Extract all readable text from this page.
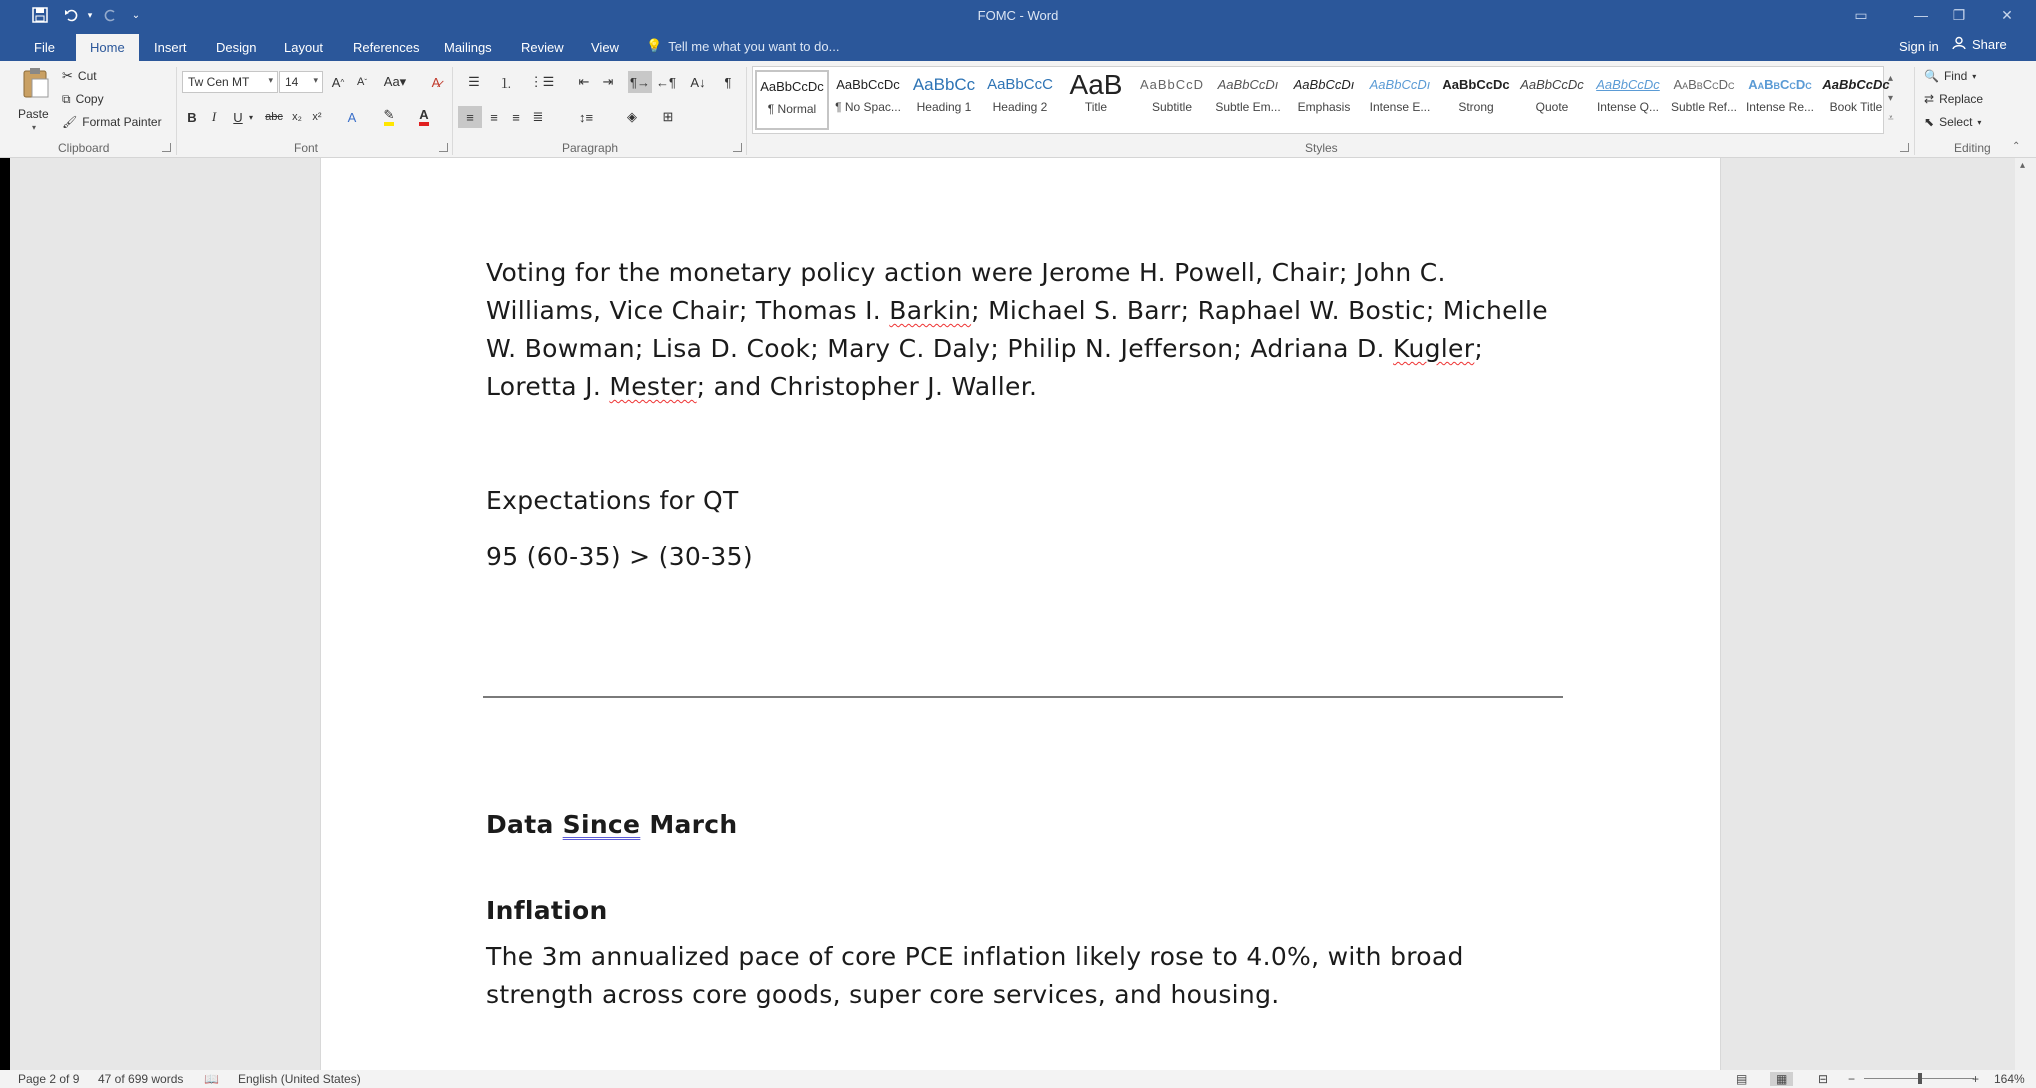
▾	⌄	FOMC - Word	▭	—	❐	✕
File	Home	Insert	Design	Layout	References	Mailings	Review	View	💡 Tell me what you want to do...	Sign in	Share
Paste
▾
✂ Cut
⧉ Copy
🖌 Format Painter
Clipboard
Tw Cen MT ▾	14 ▾	A ^	A ˇ Aa▾	A̷
B	I	U ▾	abc x₂ x²	A	✎ A
Font
☰	⒈	⋮☰	⇤	⇥	¶→ ←¶	A↓	¶
≡	≡	≡ ≣	↕≡	◈	⊞
Paragraph
AaBbCcDc
¶ Normal
AaBbCcDc
¶ No Spac...
AaBbCc
Heading 1
AaBbCcC
Heading 2
AaB
Title
AaBbCcD
Subtitle
AaBbCcDı
Subtle Em...
AaBbCcDı
Emphasis
AaBbCcDı
Intense E...
AaBbCcDc
Strong
AaBbCcDc
Quote
AaBbCcDc
Intense Q...
AaBbCcDc
Subtle Ref...
AaBbCcDc
Intense Re...
AaBbCcDc
Book Title
▴
▾
⩡
Styles
🔍 Find ▾
⇄ Replace
⬉ Select ▾
Editing ⌃

Voting for the monetary policy action were Jerome H. Powell, Chair; John C.

Williams, Vice Chair; Thomas I. Barkin; Michael S. Barr; Raphael W. Bostic; Michelle

W. Bowman; Lisa D. Cook; Mary C. Daly; Philip N. Jefferson; Adriana D. Kugler;

Loretta J. Mester; and Christopher J. Waller.

Expectations for QT
95 (60-35) > (30-35)
Data Since March
Inflation

The 3m annualized pace of core PCE inflation likely rose to 4.0%, with broad

strength across core goods, super core services, and housing.

▴
Page 2 of 9 47 of 699 words 📖 English (United States)	▤	▦	⊟ −	+ 164%
